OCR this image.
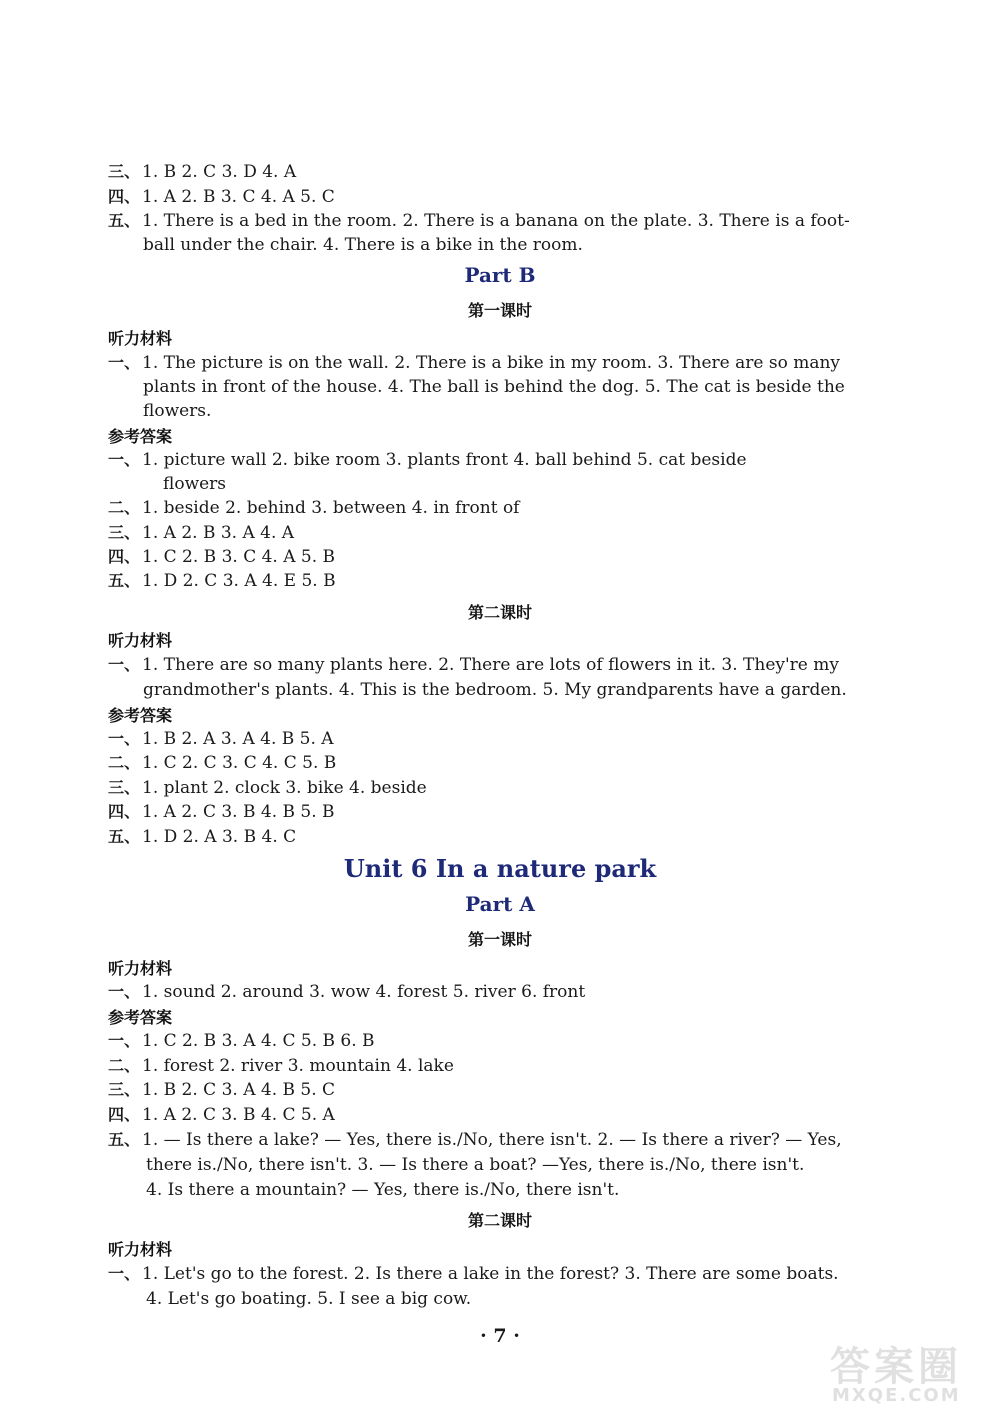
三、 1. B 2. C 3. D 4. A
四、 1. A 2. B 3. C 4. A 5. C
五、 1. There is a bed in the room. 2. There is a banana on the plate. 3. There is a foot-
ball under the chair. 4. There is a bike in the room.
Part B
第一课时
听力材料
一、 1. The picture is on the wall. 2. There is a bike in my room. 3. There are so many
plants in front of the house. 4. The ball is behind the dog. 5. The cat is beside the
flowers.
参考答案
一、 1. picture wall 2. bike room 3. plants front 4. ball behind 5. cat beside
flowers
二、 1. beside 2. behind 3. between 4. in front of
三、 1. A 2. B 3. A 4. A
四、 1. C 2. B 3. C 4. A 5. B
五、 1. D 2. C 3. A 4. E 5. B
第二课时
听力材料
一、 1. There are so many plants here. 2. There are lots of flowers in it. 3. They're my
grandmother's plants. 4. This is the bedroom. 5. My grandparents have a garden.
参考答案
一、 1. B 2. A 3. A 4. B 5. A
二、 1. C 2. C 3. C 4. C 5. B
三、 1. plant 2. clock 3. bike 4. beside
四、 1. A 2. C 3. B 4. B 5. B
五、 1. D 2. A 3. B 4. C
Unit 6 In a nature park
Part A
第一课时
听力材料
一、 1. sound 2. around 3. wow 4. forest 5. river 6. front
参考答案
一、 1. C 2. B 3. A 4. C 5. B 6. B
二、 1. forest 2. river 3. mountain 4. lake
三、 1. B 2. C 3. A 4. B 5. C
四、 1. A 2. C 3. B 4. C 5. A
五、 1. — Is there a lake? — Yes, there is./No, there isn't. 2. — Is there a river? — Yes,
there is./No, there isn't. 3. — Is there a boat? —Yes, there is./No, there isn't.
4. Is there a mountain? — Yes, there is./No, there isn't.
第二课时
听力材料
一、 1. Let's go to the forest. 2. Is there a lake in the forest? 3. There are some boats.
4. Let's go boating. 5. I see a big cow.
· 7 ·
答案圈
MXQE.COM
